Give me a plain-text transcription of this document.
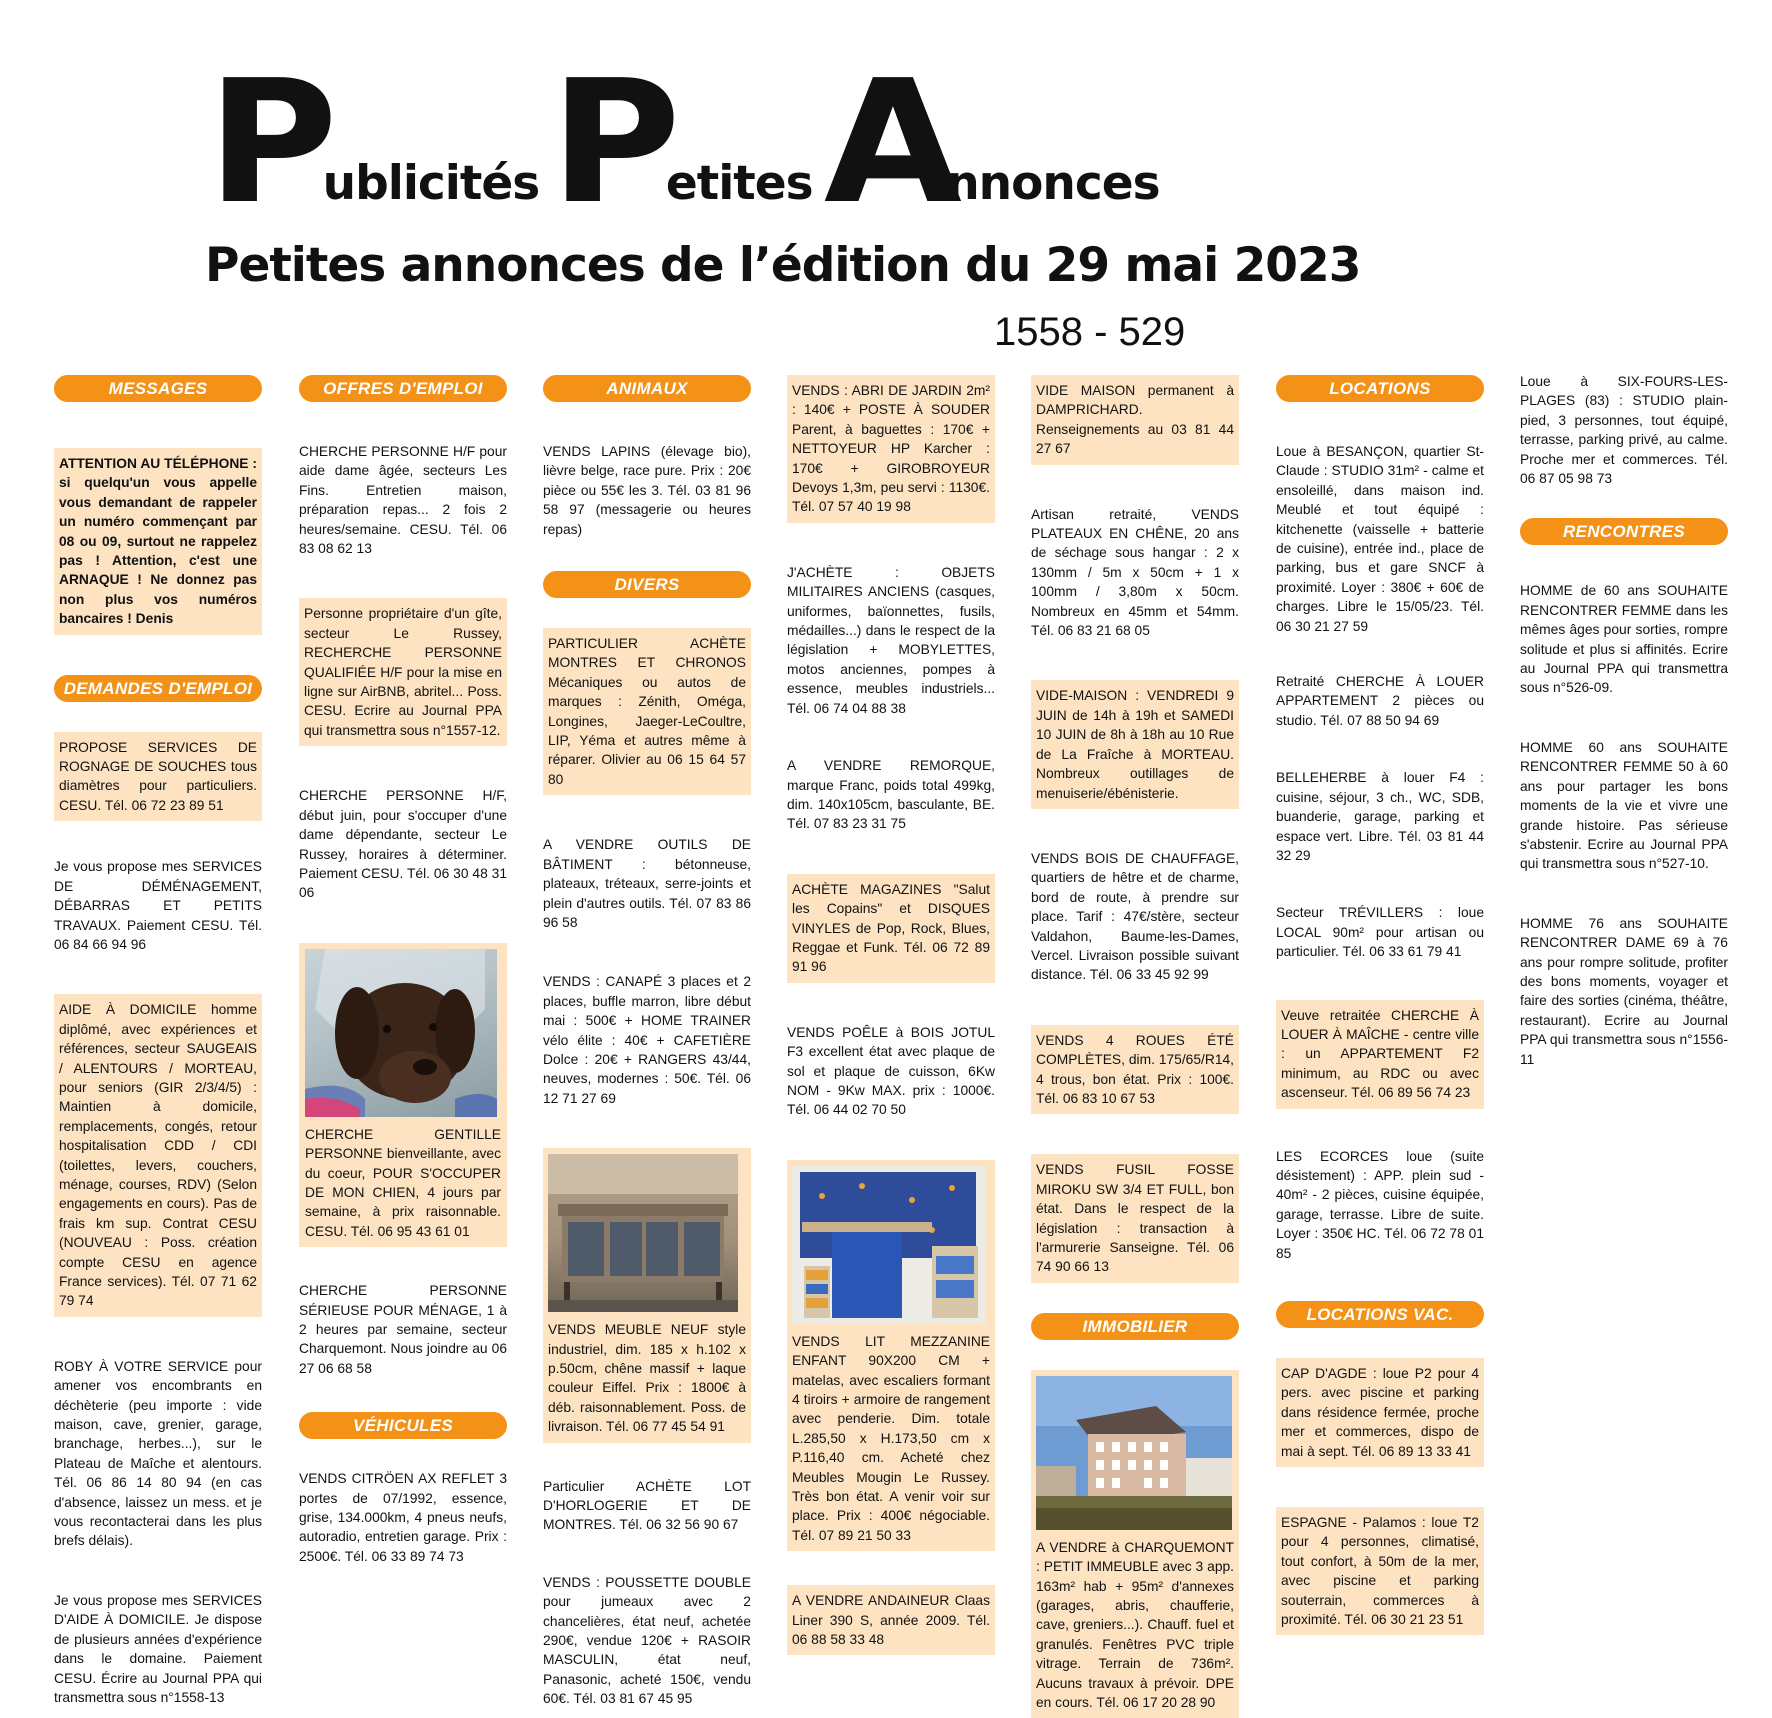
P
ublicités P
etites A
nnonces
Petites annonces de l’édition du 29 mai 2023
1558 - 529
MESSAGES
ATTENTION AU TÉLÉPHONE : si quelqu'un vous appelle vous demandant de rappeler un numéro commençant par 08 ou 09, surtout ne rappelez pas ! Attention, c'est une ARNAQUE ! Ne donnez pas non plus vos numéros bancaires ! Denis
DEMANDES D'EMPLOI
PROPOSE SERVICES DE ROGNAGE DE SOUCHES tous diamètres pour particuliers. CESU. Tél. 06 72 23 89 51
Je vous propose mes SERVICES DE DÉMÉNAGEMENT, DÉBARRAS ET PETITS TRAVAUX. Paiement CESU. Tél. 06 84 66 94 96
AIDE À DOMICILE homme diplômé, avec expériences et références, secteur SAUGEAIS / ALENTOURS / MORTEAU, pour seniors (GIR 2/3/4/5) : Maintien à domicile, remplacements, congés, retour hospitalisation CDD / CDI (toilettes, levers, couchers, ménage, courses, RDV) (Selon engagements en cours). Pas de frais km sup. Contrat CESU (NOUVEAU : Poss. création compte CESU en agence France services). Tél. 07 71 62 79 74
ROBY À VOTRE SERVICE pour amener vos encombrants en déchèterie (peu importe : vide maison, cave, grenier, garage, branchage, herbes...), sur le Plateau de Maîche et alentours. Tél. 06 86 14 80 94 (en cas d'absence, laissez un mess. et je vous recontacterai dans les plus brefs délais).
Je vous propose mes SERVICES D'AIDE À DOMICILE. Je dispose de plusieurs années d'expérience dans le domaine. Paiement CESU. Écrire au Journal PPA qui transmettra sous n°1558-13
OFFRES D'EMPLOI
CHERCHE PERSONNE H/F pour aide dame âgée, secteurs Les Fins. Entretien maison, préparation repas... 2 fois 2 heures/semaine. CESU. Tél. 06 83 08 62 13
Personne propriétaire d'un gîte, secteur Le Russey, RECHERCHE PERSONNE QUALIFIÉE H/F pour la mise en ligne sur AirBNB, abritel... Poss. CESU. Ecrire au Journal PPA qui transmettra sous n°1557-12.
CHERCHE PERSONNE H/F, début juin, pour s'occuper d'une dame dépendante, secteur Le Russey, horaires à déterminer. Paiement CESU. Tél. 06 30 48 31 06
CHERCHE GENTILLE PERSONNE bienveillante, avec du coeur, POUR S'OCCUPER DE MON CHIEN, 4 jours par semaine, à prix raisonnable. CESU. Tél. 06 95 43 61 01
CHERCHE PERSONNE SÉRIEUSE POUR MÉNAGE, 1 à 2 heures par semaine, secteur Charquemont. Nous joindre au 06 27 06 68 58
VÉHICULES
VENDS CITRÖEN AX REFLET 3 portes de 07/1992, essence, grise, 134.000km, 4 pneus neufs, autoradio, entretien garage. Prix : 2500€. Tél. 06 33 89 74 73
ANIMAUX
VENDS LAPINS (élevage bio), lièvre belge, race pure. Prix : 20€ pièce ou 55€ les 3. Tél. 03 81 96 58 97 (messagerie ou heures repas)
DIVERS
PARTICULIER ACHÈTE MONTRES ET CHRONOS Mécaniques ou autos de marques : Zénith, Oméga, Longines, Jaeger-LeCoultre, LIP, Yéma et autres même à réparer. Olivier au 06 15 64 57 80
A VENDRE OUTILS DE BÂTIMENT : bétonneuse, plateaux, tréteaux, serre-joints et plein d'autres outils. Tél. 07 83 86 96 58
VENDS : CANAPÉ 3 places et 2 places, buffle marron, libre début mai : 500€ + HOME TRAINER vélo élite : 40€ + CAFETIÈRE Dolce : 20€ + RANGERS 43/44, neuves, modernes : 50€. Tél. 06 12 71 27 69
VENDS MEUBLE NEUF style industriel, dim. 185 x h.102 x p.50cm, chêne massif + laque couleur Eiffel. Prix : 1800€ à déb. raisonnablement. Poss. de livraison. Tél. 06 77 45 54 91
Particulier ACHÈTE LOT D'HORLOGERIE ET DE MONTRES. Tél. 06 32 56 90 67
VENDS : POUSSETTE DOUBLE pour jumeaux avec 2 chancelières, état neuf, achetée 290€, vendue 120€ + RASOIR MASCULIN, état neuf, Panasonic, acheté 150€, vendu 60€. Tél. 03 81 67 45 95
VENDS : ABRI DE JARDIN 2m² : 140€ + POSTE À SOUDER Parent, à baguettes : 170€ + NETTOYEUR HP Karcher : 170€ + GIROBROYEUR Devoys 1,3m, peu servi : 1130€. Tél. 07 57 40 19 98
J'ACHÈTE : OBJETS MILITAIRES ANCIENS (casques, uniformes, baïonnettes, fusils, médailles...) dans le respect de la législation + MOBYLETTES, motos anciennes, pompes à essence, meubles industriels... Tél. 06 74 04 88 38
A VENDRE REMORQUE, marque Franc, poids total 499kg, dim. 140x105cm, basculante, BE. Tél. 07 83 23 31 75
ACHÈTE MAGAZINES "Salut les Copains" et DISQUES VINYLES de Pop, Rock, Blues, Reggae et Funk. Tél. 06 72 89 91 96
VENDS POÊLE à BOIS JOTUL F3 excellent état avec plaque de sol et plaque de cuisson, 6Kw NOM - 9Kw MAX. prix : 1000€. Tél. 06 44 02 70 50
VENDS LIT MEZZANINE ENFANT 90X200 CM + matelas, avec escaliers formant 4 tiroirs + armoire de rangement avec penderie. Dim. totale L.285,50 x H.173,50 cm x P.116,40 cm. Acheté chez Meubles Mougin Le Russey. Très bon état. A venir voir sur place. Prix : 400€ négociable. Tél. 07 89 21 50 33
A VENDRE ANDAINEUR Claas Liner 390 S, année 2009. Tél. 06 88 58 33 48
VIDE MAISON permanent à DAMPRICHARD. Renseignements au 03 81 44 27 67
Artisan retraité, VENDS PLATEAUX EN CHÊNE, 20 ans de séchage sous hangar : 2 x 130mm / 5m x 50cm + 1 x 100mm / 3,80m x 50cm. Nombreux en 45mm et 54mm. Tél. 06 83 21 68 05
VIDE-MAISON : VENDREDI 9 JUIN de 14h à 19h et SAMEDI 10 JUIN de 8h à 18h au 10 Rue de La Fraîche à MORTEAU. Nombreux outillages de menuiserie/ébénisterie.
VENDS BOIS DE CHAUFFAGE, quartiers de hêtre et de charme, bord de route, à prendre sur place. Tarif : 47€/stère, secteur Valdahon, Baume-les-Dames, Vercel. Livraison possible suivant distance. Tél. 06 33 45 92 99
VENDS 4 ROUES ÉTÉ COMPLÈTES, dim. 175/65/R14, 4 trous, bon état. Prix : 100€. Tél. 06 83 10 67 53
VENDS FUSIL FOSSE MIROKU SW 3/4 ET FULL, bon état. Dans le respect de la législation : transaction à l'armurerie Sanseigne. Tél. 06 74 90 66 13
IMMOBILIER
A VENDRE à CHARQUEMONT : PETIT IMMEUBLE avec 3 app. 163m² hab + 95m² d'annexes (garages, abris, chaufferie, cave, greniers...). Chauff. fuel et granulés. Fenêtres PVC triple vitrage. Terrain de 736m². Aucuns travaux à prévoir. DPE en cours. Tél. 06 17 20 28 90
LOCATIONS
Loue à BESANÇON, quartier St-Claude : STUDIO 31m² - calme et ensoleillé, dans maison ind. Meublé et tout équipé : kitchenette (vaisselle + batterie de cuisine), entrée ind., place de parking, bus et gare SNCF à proximité. Loyer : 380€ + 60€ de charges. Libre le 15/05/23. Tél. 06 30 21 27 59
Retraité CHERCHE À LOUER APPARTEMENT 2 pièces ou studio. Tél. 07 88 50 94 69
BELLEHERBE à louer F4 : cuisine, séjour, 3 ch., WC, SDB, buanderie, garage, parking et espace vert. Libre. Tél. 03 81 44 32 29
Secteur TRÉVILLERS : loue LOCAL 90m² pour artisan ou particulier. Tél. 06 33 61 79 41
Veuve retraitée CHERCHE À LOUER À MAÎCHE - centre ville : un APPARTEMENT F2 minimum, au RDC ou avec ascenseur. Tél. 06 89 56 74 23
LES ECORCES loue (suite désistement) : APP. plein sud - 40m² - 2 pièces, cuisine équipée, garage, terrasse. Libre de suite. Loyer : 350€ HC. Tél. 06 72 78 01 85
LOCATIONS VAC.
CAP D'AGDE : loue P2 pour 4 pers. avec piscine et parking dans résidence fermée, proche mer et commerces, dispo de mai à sept. Tél. 06 89 13 33 41
ESPAGNE - Palamos : loue T2 pour 4 personnes, climatisé, tout confort, à 50m de la mer, avec piscine et parking souterrain, commerces à proximité. Tél. 06 30 21 23 51
Loue à SIX-FOURS-LES-PLAGES (83) : STUDIO plain-pied, 3 personnes, tout équipé, terrasse, parking privé, au calme. Proche mer et commerces. Tél. 06 87 05 98 73
RENCONTRES
HOMME de 60 ans SOUHAITE RENCONTRER FEMME dans les mêmes âges pour sorties, rompre solitude et plus si affinités. Ecrire au Journal PPA qui transmettra sous n°526-09.
HOMME 60 ans SOUHAITE RENCONTRER FEMME 50 à 60 ans pour partager les bons moments de la vie et vivre une grande histoire. Pas sérieuse s'abstenir. Ecrire au Journal PPA qui transmettra sous n°527-10.
HOMME 76 ans SOUHAITE RENCONTRER DAME 69 à 76 ans pour rompre solitude, profiter des bons moments, voyager et faire des sorties (cinéma, théâtre, restaurant). Ecrire au Journal PPA qui transmettra sous n°1556-11
